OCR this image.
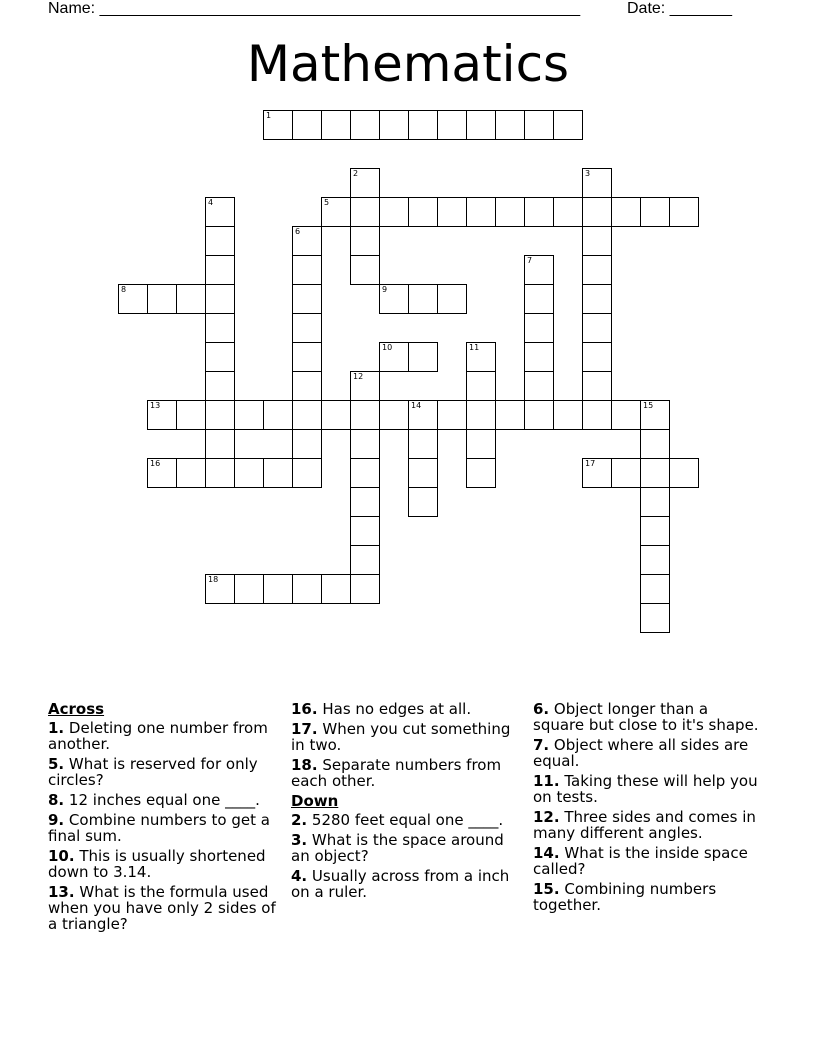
Name: ______________________________________________________	Date: _______
Mathematics
1
2	3
4	5
6
7
8	9
10	11
12
13	14	15
16	17
18
Across
1. Deleting one number from another.
5. What is reserved for only circles?
8. 12 inches equal one ____.
9. Combine numbers to get a final sum.
10. This is usually shortened down to 3.14.
13. What is the formula used when you have only 2 sides of a triangle?
16. Has no edges at all.
17. When you cut something in two.
18. Separate numbers from each other.
Down
2. 5280 feet equal one ____.
3. What is the space around an object?
4. Usually across from a inch on a ruler.
6. Object longer than a square but close to it's shape.
7. Object where all sides are equal.
11. Taking these will help you on tests.
12. Three sides and comes in many different angles.
14. What is the inside space called?
15. Combining numbers together.
